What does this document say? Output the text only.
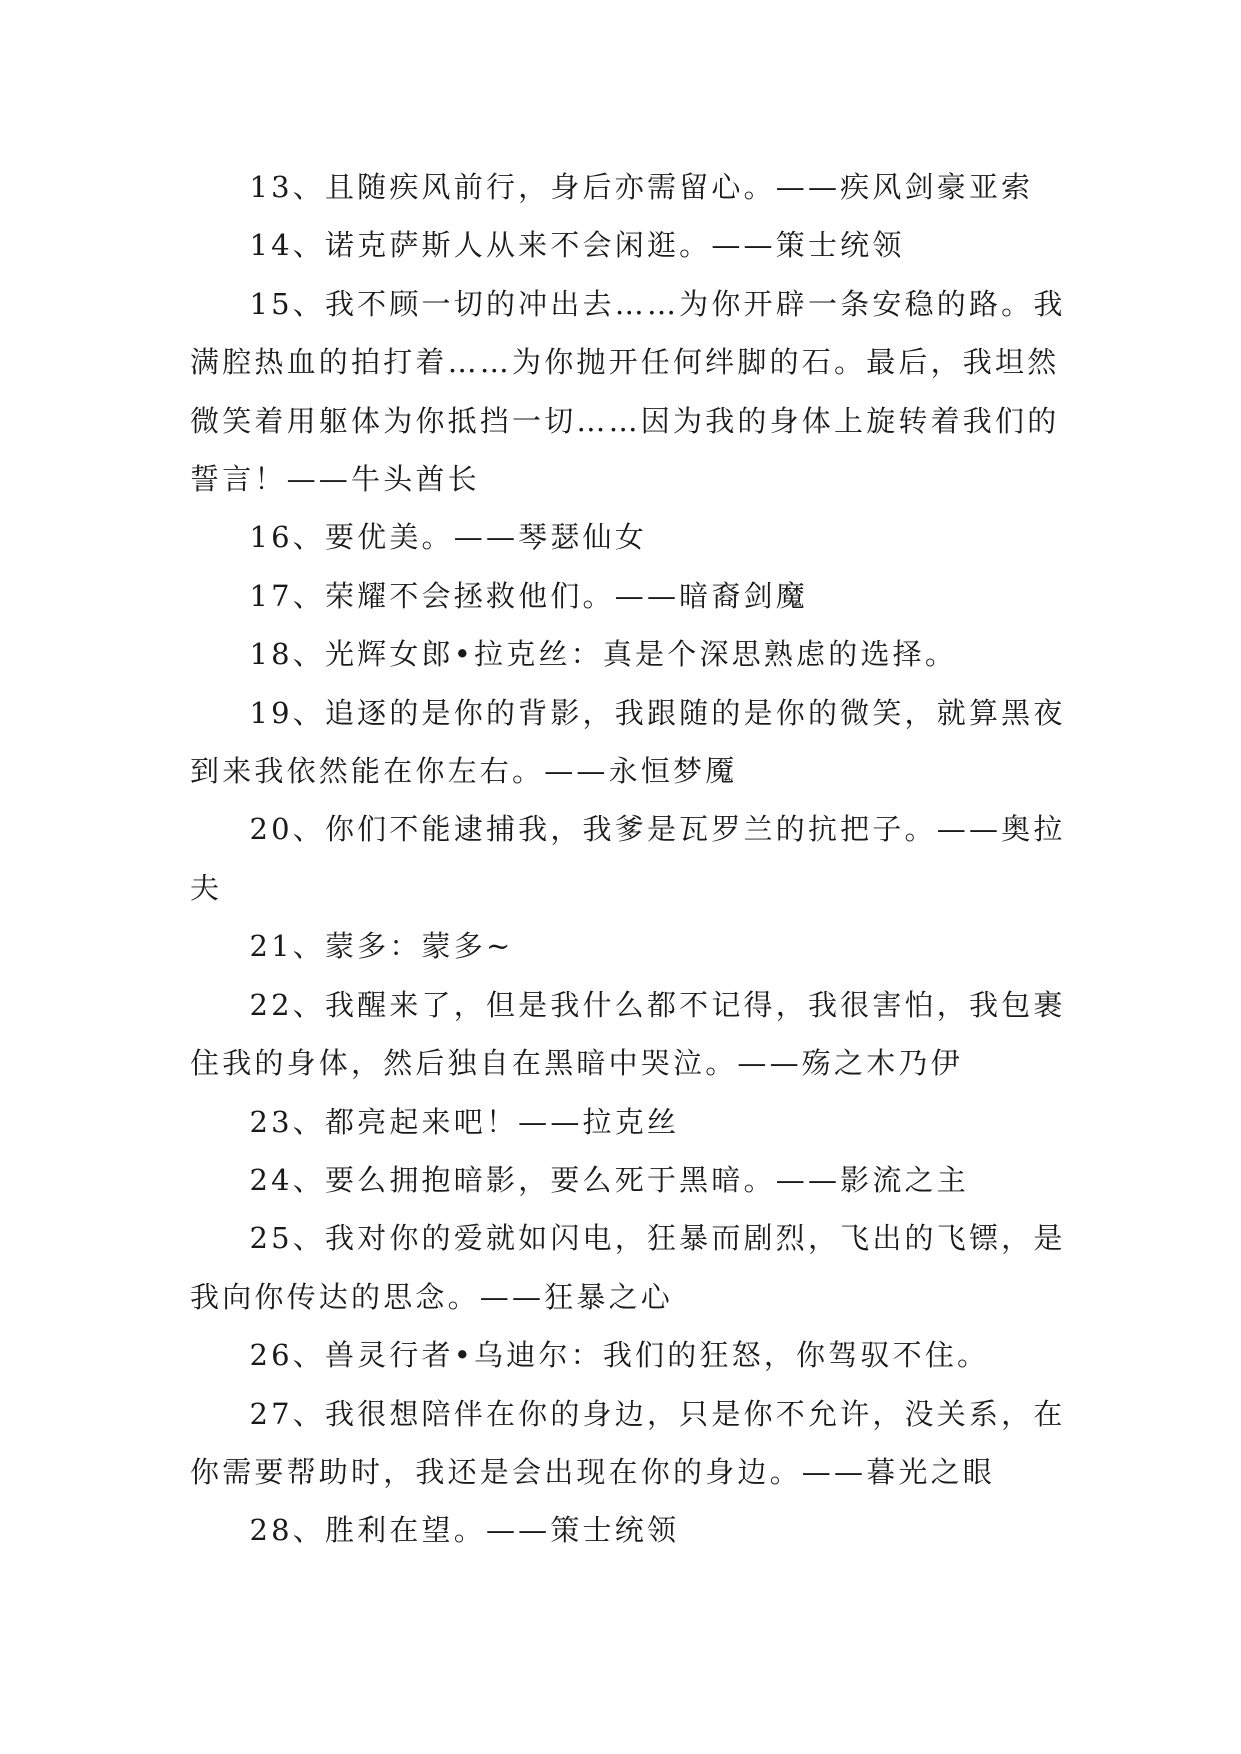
13、且随疾风前行，身后亦需留心。——疾风剑豪亚索

14、诺克萨斯人从来不会闲逛。——策士统领

15、我不顾一切的冲出去……为你开辟一条安稳的路。我满腔热血的拍打着……为你抛开任何绊脚的石。最后，我坦然微笑着用躯体为你抵挡一切……因为我的身体上旋转着我们的誓言！——牛头酋长

16、要优美。——琴瑟仙女

17、荣耀不会拯救他们。——暗裔剑魔

18、光辉女郎•拉克丝：真是个深思熟虑的选择。

19、追逐的是你的背影，我跟随的是你的微笑，就算黑夜到来我依然能在你左右。——永恒梦魇

20、你们不能逮捕我，我爹是瓦罗兰的抗把子。——奥拉夫

21、蒙多：蒙多~

22、我醒来了，但是我什么都不记得，我很害怕，我包裹住我的身体，然后独自在黑暗中哭泣。——殇之木乃伊

23、都亮起来吧！——拉克丝

24、要么拥抱暗影，要么死于黑暗。——影流之主

25、我对你的爱就如闪电，狂暴而剧烈，飞出的飞镖，是我向你传达的思念。——狂暴之心

26、兽灵行者•乌迪尔：我们的狂怒，你驾驭不住。

27、我很想陪伴在你的身边，只是你不允许，没关系，在你需要帮助时，我还是会出现在你的身边。——暮光之眼

28、胜利在望。——策士统领
